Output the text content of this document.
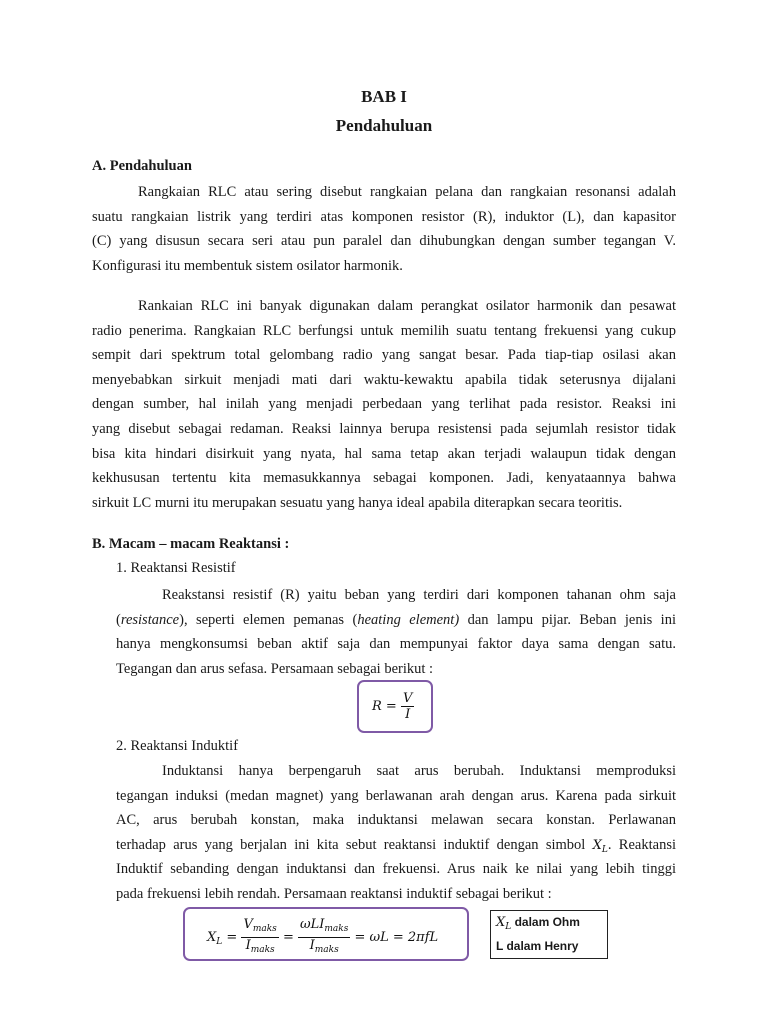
BAB I
Pendahuluan
A. Pendahuluan
Rangkaian RLC atau sering disebut rangkaian pelana dan rangkaian resonansi adalah
suatu rangkaian listrik yang terdiri atas komponen resistor (R), induktor (L), dan kapasitor
(C) yang disusun secara seri atau pun paralel dan dihubungkan dengan sumber tegangan V.
Konfigurasi itu membentuk sistem osilator harmonik.
Rankaian RLC ini banyak digunakan dalam perangkat osilator harmonik dan pesawat
radio penerima. Rangkaian RLC berfungsi untuk memilih suatu tentang frekuensi yang cukup
sempit dari spektrum total gelombang radio yang sangat besar. Pada tiap-tiap osilasi akan
menyebabkan sirkuit menjadi mati dari waktu-kewaktu apabila tidak seterusnya dijalani
dengan sumber, hal inilah yang menjadi perbedaan yang terlihat pada resistor. Reaksi ini
yang disebut sebagai redaman. Reaksi lainnya berupa resistensi pada sejumlah resistor tidak
bisa kita hindari disirkuit yang nyata, hal sama tetap akan terjadi walaupun tidak dengan
kekhususan tertentu kita memasukkannya sebagai komponen. Jadi, kenyataannya bahwa
sirkuit LC murni itu merupakan sesuatu yang hanya ideal apabila diterapkan secara teoritis.
B. Macam – macam Reaktansi :
1. Reaktansi Resistif
Reakstansi resistif (R) yaitu beban yang terdiri dari komponen tahanan ohm saja
(resistance), seperti elemen pemanas (heating element) dan lampu pijar. Beban jenis ini
hanya mengkonsumsi beban aktif saja dan mempunyai faktor daya sama dengan satu.
Tegangan dan arus sefasa. Persamaan sebagai berikut :
$R = \frac{V}{I}$
2. Reaktansi Induktif
Induktansi hanya berpengaruh saat arus berubah. Induktansi memproduksi
tegangan induksi (medan magnet) yang berlawanan arah dengan arus. Karena pada sirkuit
AC, arus berubah konstan, maka induktansi melawan secara konstan. Perlawanan
terhadap arus yang berjalan ini kita sebut reaktansi induktif dengan simbol $X_L$. Reaktansi
Induktif sebanding dengan induktansi dan frekuensi. Arus naik ke nilai yang lebih tinggi
pada frekuensi lebih rendah. Persamaan reaktansi induktif sebagai berikut :
$X_L = \frac{V_{maks}}{I_{maks}} = \frac{\omega LI_{maks}}{I_{maks}} = \omega L = 2\pi fL$
$X_L$ dalam Ohm
L dalam Henry
